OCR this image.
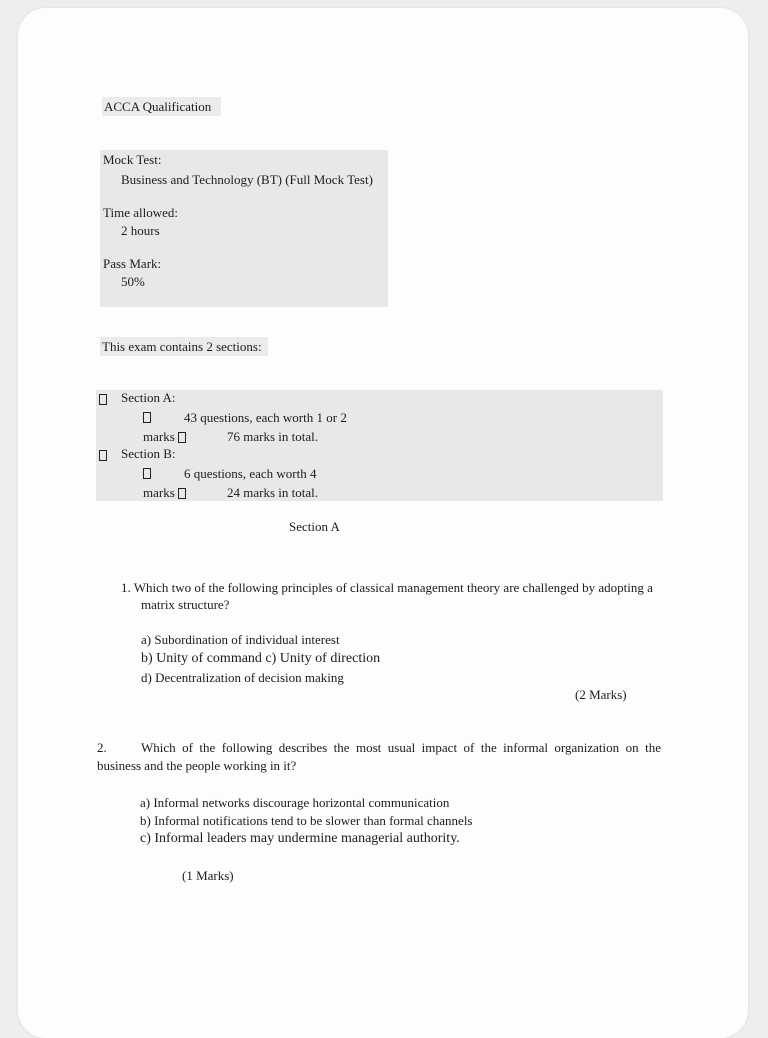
ACCA Qualification
Mock Test:
Business and Technology (BT) (Full Mock Test)
Time allowed:
2 hours
Pass Mark:
50%
This exam contains 2 sections:
Section A:
43 questions, each worth 1 or 2
marks	76 marks in total.
Section B:
6 questions, each worth 4
marks	24 marks in total.
Section A
1. Which two of the following principles of classical management theory are challenged by adopting a
matrix structure?
a) Subordination of individual interest
b) Unity of command c) Unity of direction
d) Decentralization of decision making
(2 Marks)
2.	Which of the following describes the most usual impact of the informal organization on the
business and the people working in it?
a) Informal networks discourage horizontal communication
b) Informal notifications tend to be slower than formal channels
c) Informal leaders may undermine managerial authority.
(1 Marks)
